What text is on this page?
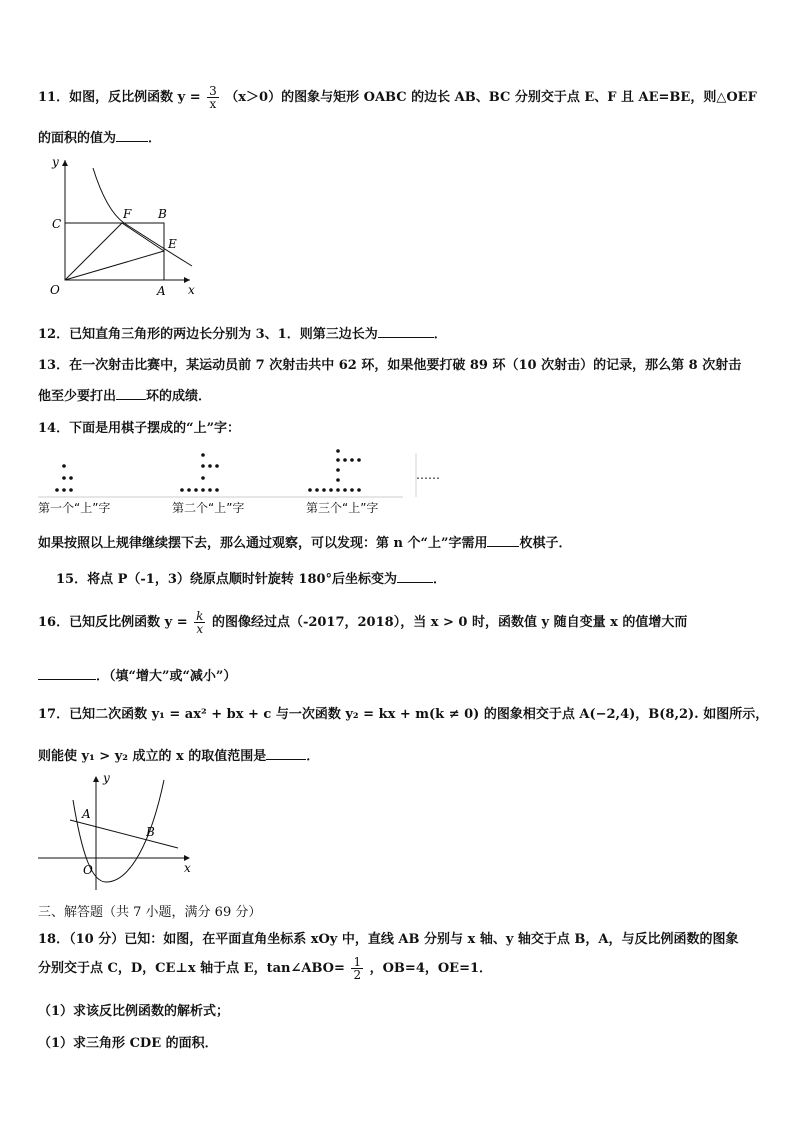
11．如图，反比例函数 $y = \frac{3}{x} (x>0)$的图象与矩形 OABC 的边长 AB、BC 分别交于点 E、F 且 AE=BE，则△OEF
的面积的值为 ．
y
x
O	A
B
C
E
F
12．已知直角三角形的两边长分别为 3、1．则第三边长为	．
13．在一次射击比赛中，某运动员前 7 次射击共中 62 环，如果他要打破 89 环（10 次射击）的记录，那么第 8 次射击
他至少要打出 环的成绩．
14．下面是用棋子摆成的“上”字：
……
第一个“上”字	第二个“上”字	第三个“上”字
如果按照以上规律继续摆下去，那么通过观察，可以发现：第 n 个“上”字需用 枚棋子．
15．将点 P（-1，3）绕原点顺时针旋转 180°后坐标变为	．
16．已知反比例函数 $y = \frac{k}{x}$ 的图像经过点（-2017，2018），当 x > 0 时，函数值 y 随自变量 x 的值增大而
．（填“增大”或“减小”）
17．已知二次函数 y₁ = ax² + bx + c 与一次函数 y₂ = kx + m(k ≠ 0) 的图象相交于点 A(−2,4)，B(8,2). 如图所示，
则能使 y₁ > y₂ 成立的 x 的取值范围是	．
y
x
O
A
B
三、解答题（共 7 小题，满分 69 分）
18．（10 分）已知：如图，在平面直角坐标系 xOy 中，直线 AB 分别与 x 轴、y 轴交于点 B，A，与反比例函数的图象
分别交于点 C，D，CE⊥x 轴于点 E，tan∠ABO= $\frac{1}{2}$ ，OB=4，OE=1．
（1）求该反比例函数的解析式；
（1）求三角形 CDE 的面积．
